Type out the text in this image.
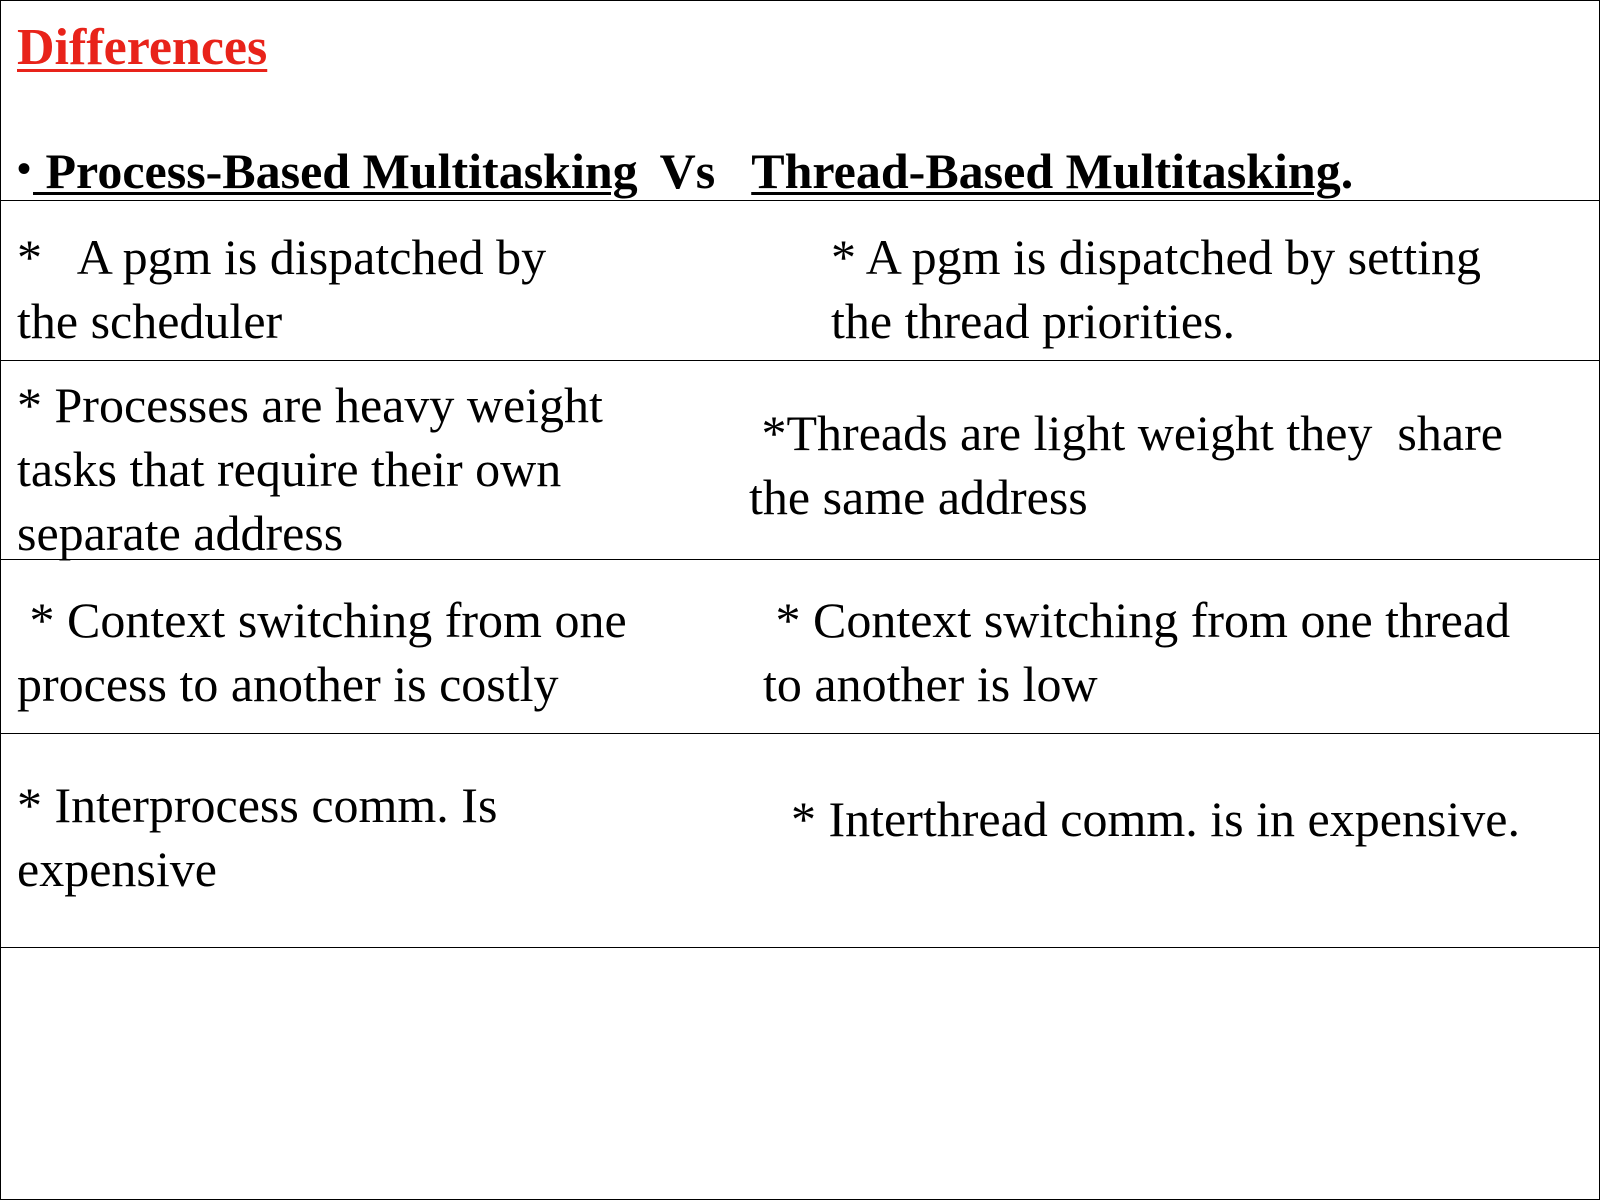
Differences
• Process-Based Multitasking Vs Thread-Based Multitasking.
*   A pgm is dispatched by
the scheduler
* A pgm is dispatched by setting
the thread priorities.
* Processes are heavy weight
tasks that require their own
separate address
*Threads are light weight they  share
the same address
* Context switching from one
process to another is costly
* Context switching from one thread
to another is low
* Interprocess comm. Is
expensive
* Interthread comm. is in expensive.
